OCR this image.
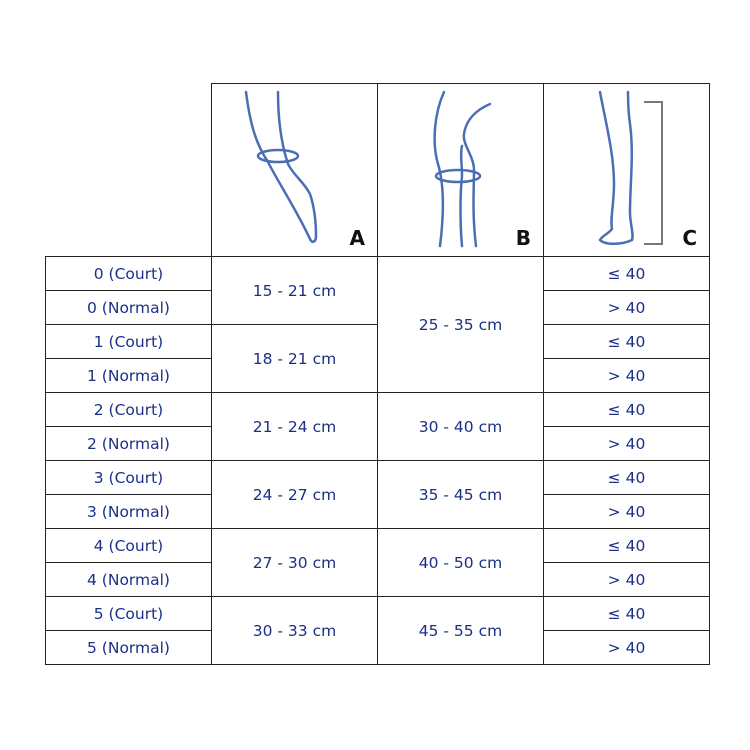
	A	B	C

0 (Court)	15 - 21 cm	25 - 35 cm	≤ 40
0 (Normal)			> 40
1 (Court)	18 - 21 cm		≤ 40
1 (Normal)			> 40
2 (Court)	21 - 24 cm	30 - 40 cm	≤ 40
2 (Normal)			> 40
3 (Court)	24 - 27 cm	35 - 45 cm	≤ 40
3 (Normal)			> 40
4 (Court)	27 - 30 cm	40 - 50 cm	≤ 40
4 (Normal)			> 40
5 (Court)	30 - 33 cm	45 - 55 cm	≤ 40
5 (Normal)			> 40
